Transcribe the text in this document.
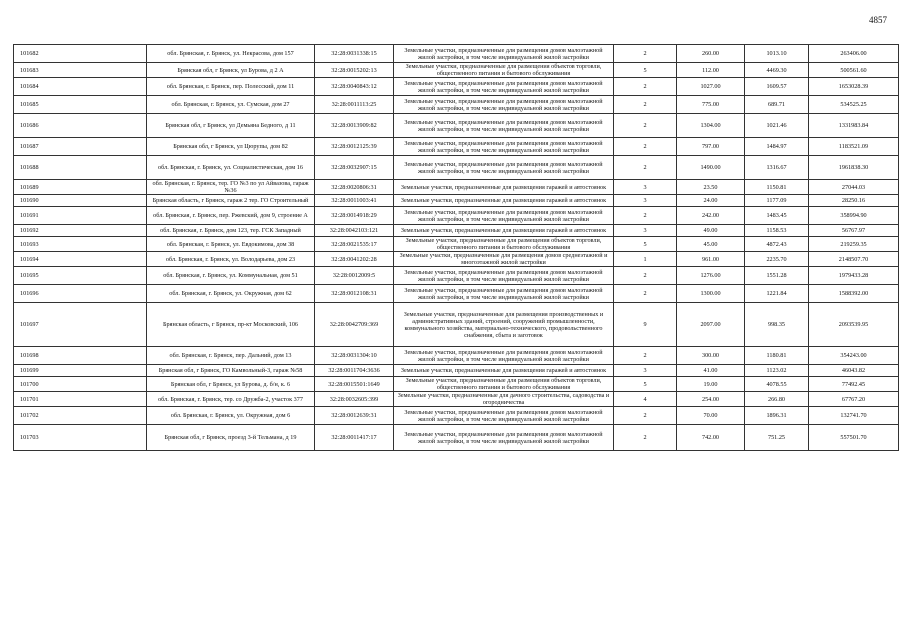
4857
101682	обл. Брянская, г. Брянск, ул. Некрасова, дом 157	32:28:0031338:15	Земельные участки, предназначенные для размещения домов малоэтажной жилой застройки, в том числе индивидуальной жилой застройки	2	260.00	1013.10	263406.00
101683	Брянская обл, г Брянск, ул Бурова, д 2 А	32:28:0015202:13	Земельные участки, предназначенные для размещения объектов торговли, общественного питания и бытового обслуживания	5	112.00	4469.30	500561.60
101684	обл. Брянская, г. Брянск, пер. Полесский, дом 11	32:28:0040843:12	Земельные участки, предназначенные для размещения домов малоэтажной жилой застройки, в том числе индивидуальной жилой застройки	2	1027.00	1609.57	1653028.39
101685	обл. Брянская, г. Брянск, ул. Сумская, дом 27	32:28:0011113:25	Земельные участки, предназначенные для размещения домов малоэтажной жилой застройки, в том числе индивидуальной жилой застройки	2	775.00	689.71	534525.25
101686	Брянская обл, г Брянск, ул Демьяна Бедного, д 11	32:28:0013909:82	Земельные участки, предназначенные для размещения домов малоэтажной жилой застройки, в том числе индивидуальной жилой застройки	2	1304.00	1021.46	1331983.84
101687	Брянская обл, г Брянск, ул Цюрупы, дом 82	32:28:0012125:39	Земельные участки, предназначенные для размещения домов малоэтажной жилой застройки, в том числе индивидуальной жилой застройки	2	797.00	1484.97	1183521.09
101688	обл. Брянская, г. Брянск, ул. Социалистическая, дом 16	32:28:0032907:15	Земельные участки, предназначенные для размещения домов малоэтажной жилой застройки, в том числе индивидуальной жилой застройки	2	1490.00	1316.67	1961838.30
101689	обл. Брянская, г. Брянск, тер. ГО №3 по ул Айвазова, гараж №36	32:28:0020806:31	Земельные участки, предназначенные для размещения гаражей и автостоянок	3	23.50	1150.81	27044.03
101690	Брянская область, г Брянск, гараж 2 тер. ГО Строительный	32:28:0011003:41	Земельные участки, предназначенные для размещения гаражей и автостоянок	3	24.00	1177.09	28250.16
101691	обл. Брянская, г. Брянск, пер. Ржевский, дом 9, строение А	32:28:0014918:29	Земельные участки, предназначенные для размещения домов малоэтажной жилой застройки, в том числе индивидуальной жилой застройки	2	242.00	1483.45	358994.90
101692	обл. Брянская, г. Брянск, дом 123, тер. ГСК Западный	32:28:0042103:121	Земельные участки, предназначенные для размещения гаражей и автостоянок	3	49.00	1158.53	56767.97
101693	обл. Брянская, г. Брянск, ул. Евдокимова, дом 38	32:28:0021535:17	Земельные участки, предназначенные для размещения объектов торговли, общественного питания и бытового обслуживания	5	45.00	4872.43	219259.35
101694	обл. Брянская, г. Брянск, ул. Володарьева, дом 23	32:28:0041202:28	Земельные участки, предназначенные для размещения домов среднеэтажной и многоэтажной жилой застройки	1	961.00	2235.70	2148507.70
101695	обл. Брянская, г. Брянск, ул. Коммунальная, дом 51	32:28:0012009:5	Земельные участки, предназначенные для размещения домов малоэтажной жилой застройки, в том числе индивидуальной жилой застройки	2	1276.00	1551.28	1979433.28
101696	обл. Брянская, г. Брянск, ул. Окружная, дом 62	32:28:0012108:31	Земельные участки, предназначенные для размещения домов малоэтажной жилой застройки, в том числе индивидуальной жилой застройки	2	1300.00	1221.84	1588392.00
101697	Брянская область, г Брянск, пр-кт Московский, 106	32:28:0042709:369	Земельные участки, предназначенные для размещения производственных и административных зданий, строений, сооружений промышленности, коммунального хозяйства, материально-технического, продовольственного снабжения, сбыта и заготовок	9	2097.00	998.35	2093539.95
101698	обл. Брянская, г. Брянск, пер. Дальний, дом 13	32:28:0031304:10	Земельные участки, предназначенные для размещения домов малоэтажной жилой застройки, в том числе индивидуальной жилой застройки	2	300.00	1180.81	354243.00
101699	Брянская обл, г Брянск, ГО Камвольный-3, гараж №58	32:28:0011704:3636	Земельные участки, предназначенные для размещения гаражей и автостоянок	3	41.00	1123.02	46043.82
101700	Брянская обл, г Брянск, ул Бурова, д. б/н, к. 6	32:28:0015501:1649	Земельные участки, предназначенные для размещения объектов торговли, общественного питания и бытового обслуживания	5	19.00	4078.55	77492.45
101701	обл. Брянская, г. Брянск, тер. со Дружба-2, участок 377	32:28:0032605:399	Земельные участки, предназначенные для дачного строительства, садоводства и огородничества	4	254.00	266.80	67767.20
101702	обл. Брянская, г. Брянск, ул. Окружная, дом 6	32:28:0012639:31	Земельные участки, предназначенные для размещения домов малоэтажной жилой застройки, в том числе индивидуальной жилой застройки	2	70.00	1896.31	132741.70
101703	Брянская обл, г Брянск, проезд 3-й Тельмана, д 19	32:28:0011417:17	Земельные участки, предназначенные для размещения домов малоэтажной жилой застройки, в том числе индивидуальной жилой застройки	2	742.00	751.25	557501.70
